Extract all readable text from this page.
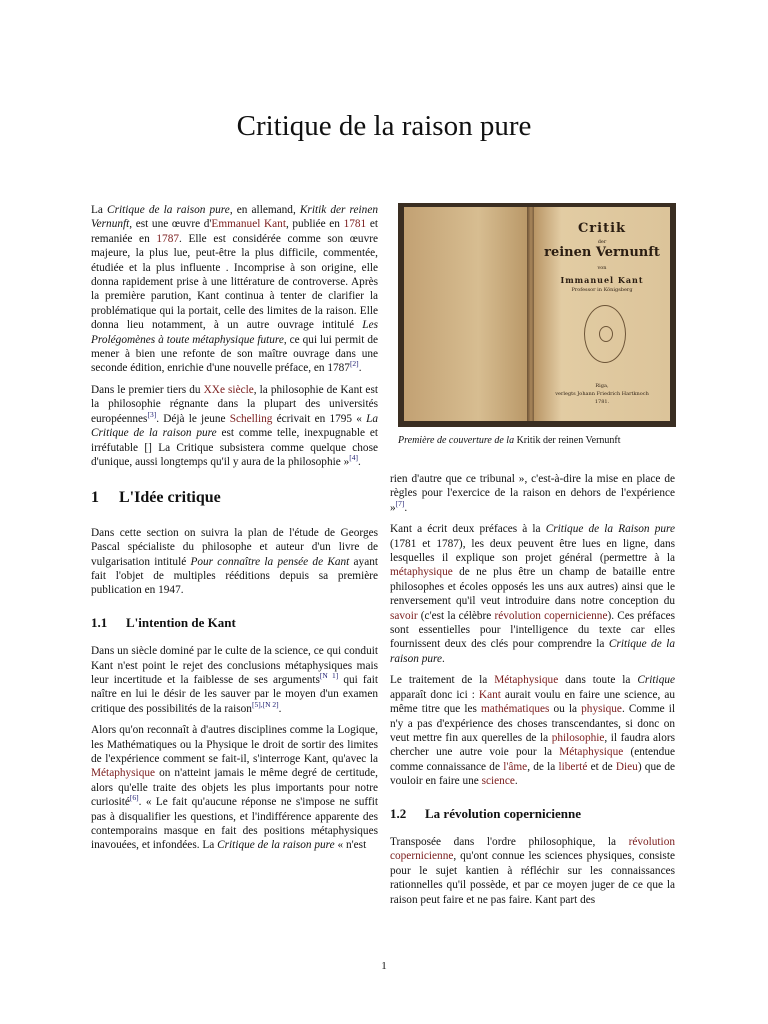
Critique de la raison pure

La Critique de la raison pure, en allemand, Kritik der reinen Vernunft, est une œuvre d'Emmanuel Kant, publiée en 1781 et remaniée en 1787. Elle est considérée comme son œuvre majeure, la plus lue, peut-être la plus difficile, commentée, étudiée et la plus influente . Incomprise à son origine, elle donna rapidement prise à une littérature de controverse. Après la première parution, Kant continua à tenter de clarifier la problématique qui la portait, celle des limites de la raison. Elle donna lieu notamment, à un autre ouvrage intitulé Les Prolégomènes à toute métaphysique future, ce qui lui permit de mener à bien une refonte de son maître ouvrage dans une seconde édition, enrichie d'une nouvelle préface, en 1787[2].

Dans le premier tiers du XXe siècle, la philosophie de Kant est la philosophie régnante dans la plupart des universités européennes[3]. Déjà le jeune Schelling écrivait en 1795 « La Critique de la raison pure est comme telle, inexpugnable et irréfutable [] La Critique subsistera comme quelque chose d'unique, aussi longtemps qu'il y aura de la philosophie »[4].

1 L'Idée critique

Dans cette section on suivra la plan de l'étude de Georges Pascal spécialiste du philosophe et auteur d'un livre de vulgarisation intitulé Pour connaître la pensée de Kant ayant fait l'objet de multiples rééditions depuis sa première publication en 1947.

1.1 L'intention de Kant

Dans un siècle dominé par le culte de la science, ce qui conduit Kant n'est point le rejet des conclusions métaphysiques mais leur incertitude et la faiblesse de ses arguments[N 1] qui fait naître en lui le désir de les sauver par le moyen d'un examen critique des possibilités de la raison[5],[N 2].

Alors qu'on reconnaît à d'autres disciplines comme la Logique, les Mathématiques ou la Physique le droit de sortir des limites de l'expérience comment se fait-il, s'interroge Kant, qu'avec la Métaphysique on n'atteint jamais le même degré de certitude, alors qu'elle traite des objets les plus importants pour notre curiosité[6]. « Le fait qu'aucune réponse ne s'impose ne suffit pas à disqualifier les questions, et l'indifférence apparente des contemporains masque en fait des positions métaphysiques inavouées, et infondées. La Critique de la raison pure « n'est

Critik
der
reinen Vernunft
von
Immanuel Kant
Professor in Königsberg
Riga,
verlegts Johann Friedrich Hartknoch
1781.
Première de couverture de la Kritik der reinen Vernunft

rien d'autre que ce tribunal », c'est-à-dire la mise en place de règles pour l'exercice de la raison en dehors de l'expérience »[7].

Kant a écrit deux préfaces à la Critique de la Raison pure (1781 et 1787), les deux peuvent être lues en ligne, dans lesquelles il explique son projet général (permettre à la métaphysique de ne plus être un champ de bataille entre philosophes et écoles opposés les uns aux autres) ainsi que le renversement qu'il veut introduire dans notre conception du savoir (c'est la célèbre révolution copernicienne). Ces préfaces sont essentielles pour l'intelligence du texte car elles fournissent deux des clés pour comprendre la Critique de la raison pure.

Le traitement de la Métaphysique dans toute la Critique apparaît donc ici : Kant aurait voulu en faire une science, au même titre que les mathématiques ou la physique. Comme il n'y a pas d'expérience des choses transcendantes, si donc on veut mettre fin aux querelles de la philosophie, il faudra alors chercher une autre voie pour la Métaphysique (entendue comme connaissance de l'âme, de la liberté et de Dieu) que de vouloir en faire une science.

1.2 La révolution copernicienne

Transposée dans l'ordre philosophique, la révolution copernicienne, qu'ont connue les sciences physiques, consiste pour le sujet kantien à réfléchir sur les connaissances rationnelles qu'il possède, et par ce moyen juger de ce que la raison peut faire et ne pas faire. Kant part des

1
